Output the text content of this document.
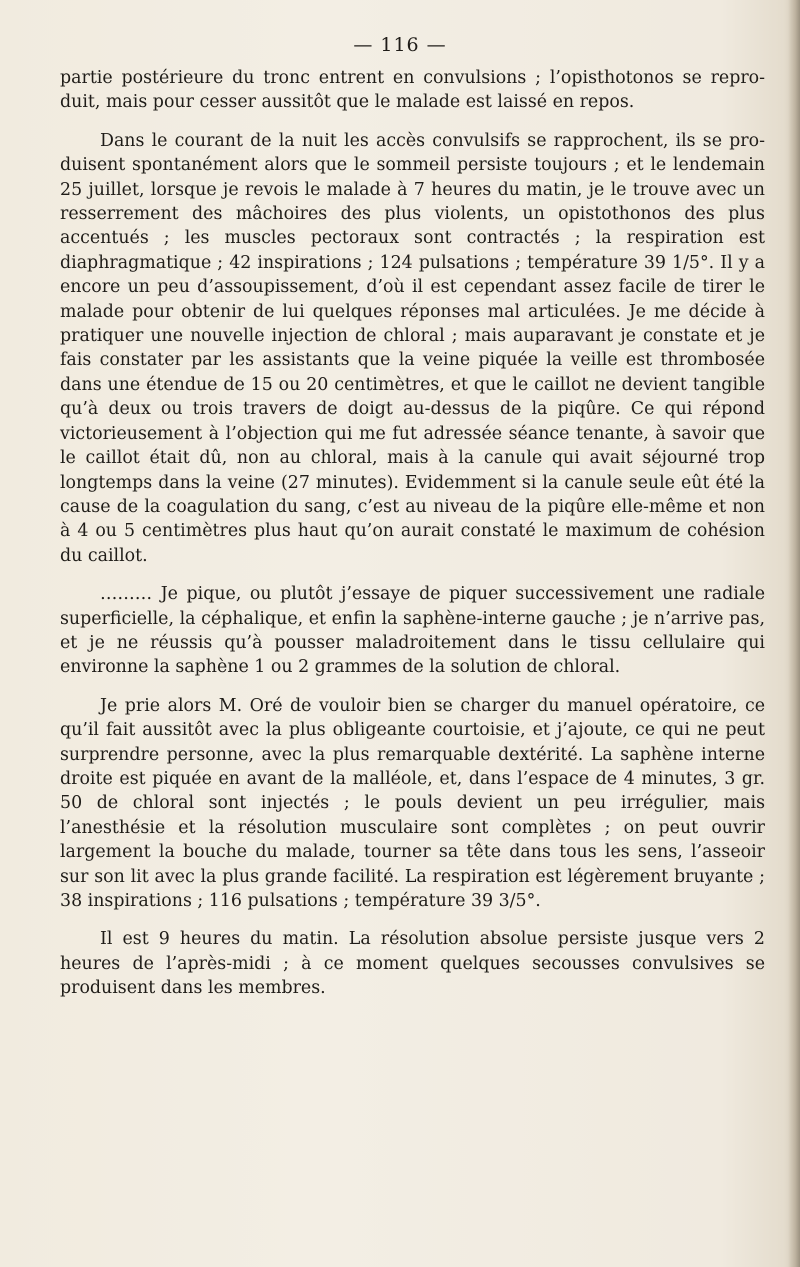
— 116 —

partie postérieure du tronc entrent en convulsions ; l’opisthotonos se reproduit, mais pour cesser aussitôt que le malade est laissé en repos.

Dans le courant de la nuit les accès convulsifs se rapprochent, ils se produisent spontanément alors que le sommeil persiste toujours ; et le lendemain 25 juillet, lorsque je revois le malade à 7 heures du matin, je le trouve avec un resserrement des mâchoires des plus violents, un opistothonos des plus accentués ; les muscles pectoraux sont contractés ; la respiration est diaphragmatique ; 42 inspirations ; 124 pulsations ; température 39 1/5°. Il y a encore un peu d’assoupissement, d’où il est cependant assez facile de tirer le malade pour obtenir de lui quelques réponses mal articulées. Je me décide à pratiquer une nouvelle injection de chloral ; mais auparavant je constate et je fais constater par les assistants que la veine piquée la veille est thrombosée dans une étendue de 15 ou 20 centimètres, et que le caillot ne devient tangible qu’à deux ou trois travers de doigt au-dessus de la piqûre. Ce qui répond victorieusement à l’objection qui me fut adressée séance tenante, à savoir que le caillot était dû, non au chloral, mais à la canule qui avait séjourné trop longtemps dans la veine (27 minutes). Evidemment si la canule seule eût été la cause de la coagulation du sang, c’est au niveau de la piqûre elle-même et non à 4 ou 5 centimètres plus haut qu’on aurait constaté le maximum de cohésion du caillot.

……… Je pique, ou plutôt j’essaye de piquer successivement une radiale superficielle, la céphalique, et enfin la saphène-interne gauche ; je n’arrive pas, et je ne réussis qu’à pousser maladroitement dans le tissu cellulaire qui environne la saphène 1 ou 2 grammes de la solution de chloral.

Je prie alors M. Oré de vouloir bien se charger du manuel opératoire, ce qu’il fait aussitôt avec la plus obligeante courtoisie, et j’ajoute, ce qui ne peut surprendre personne, avec la plus remarquable dextérité. La saphène interne droite est piquée en avant de la malléole, et, dans l’espace de 4 minutes, 3 gr. 50 de chloral sont injectés ; le pouls devient un peu irrégulier, mais l’anesthésie et la résolution musculaire sont complètes ; on peut ouvrir largement la bouche du malade, tourner sa tête dans tous les sens, l’asseoir sur son lit avec la plus grande facilité. La respiration est légèrement bruyante ; 38 inspirations ; 116 pulsations ; température 39 3/5°.

Il est 9 heures du matin. La résolution absolue persiste jusque vers 2 heures de l’après-midi ; à ce moment quelques secousses convulsives se produisent dans les membres.
